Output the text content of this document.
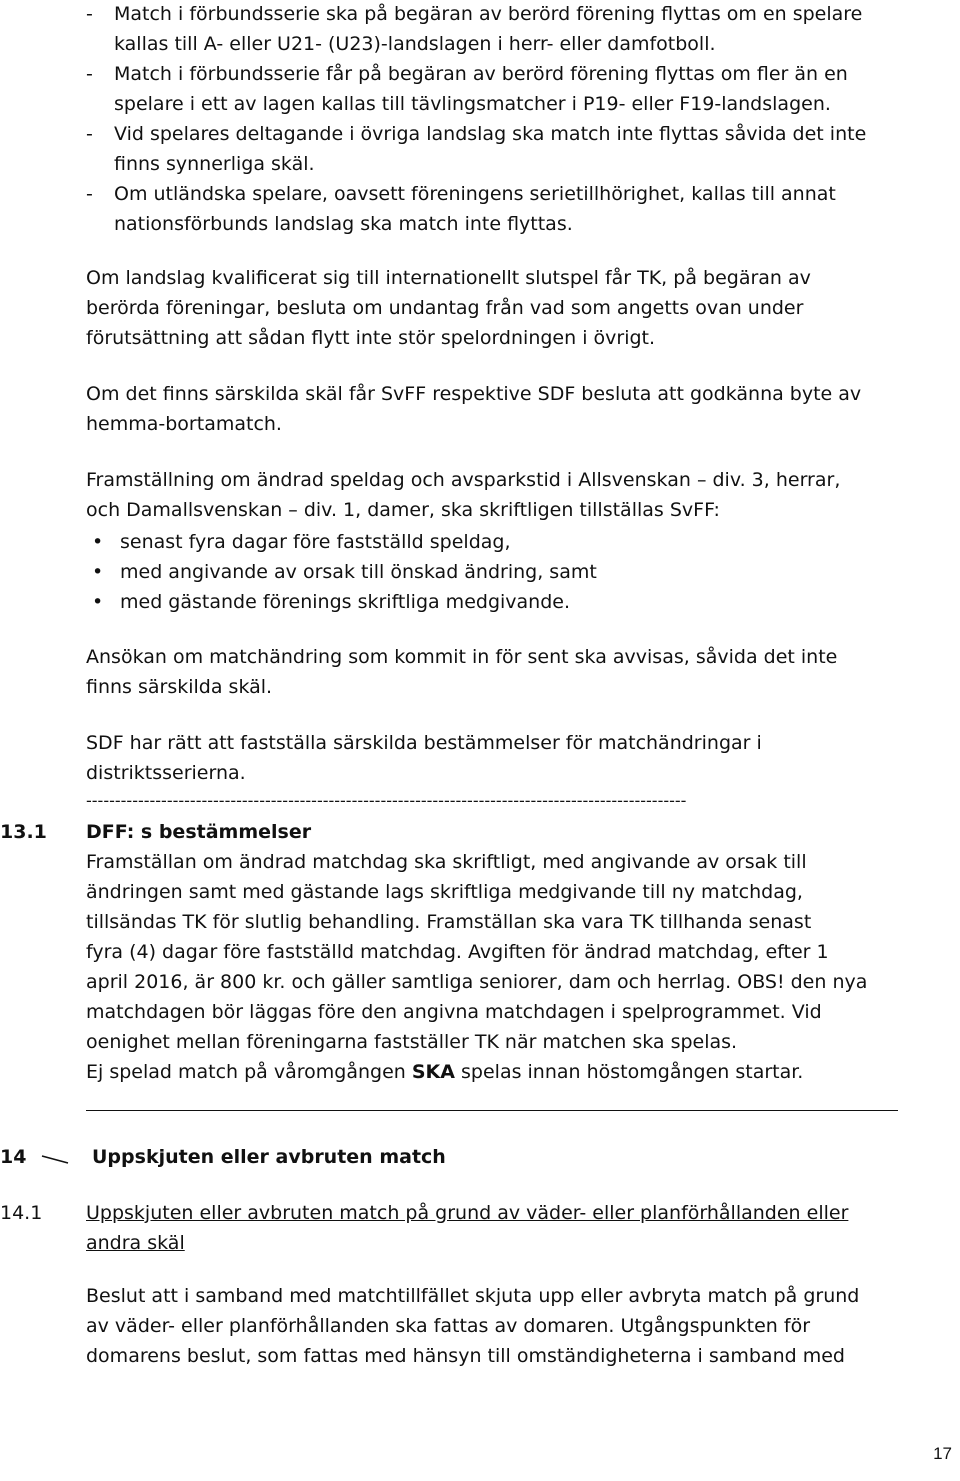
- Match i förbundsserie ska på begäran av berörd förening flyttas om en spelare
kallas till A- eller U21- (U23)-landslagen i herr- eller damfotboll.
- Match i förbundsserie får på begäran av berörd förening flyttas om fler än en
spelare i ett av lagen kallas till tävlingsmatcher i P19- eller F19-landslagen.
- Vid spelares deltagande i övriga landslag ska match inte flyttas såvida det inte
finns synnerliga skäl.
- Om utländska spelare, oavsett föreningens serietillhörighet, kallas till annat
nationsförbunds landslag ska match inte flyttas.
Om landslag kvalificerat sig till internationellt slutspel får TK, på begäran av
berörda föreningar, besluta om undantag från vad som angetts ovan under
förutsättning att sådan flytt inte stör spelordningen i övrigt.
Om det finns särskilda skäl får SvFF respektive SDF besluta att godkänna byte av
hemma-bortamatch.
Framställning om ändrad speldag och avsparkstid i Allsvenskan – div. 3, herrar,
och Damallsvenskan – div. 1, damer, ska skriftligen tillställas SvFF:
• senast fyra dagar före fastställd speldag,
• med angivande av orsak till önskad ändring, samt
• med gästande förenings skriftliga medgivande.
Ansökan om matchändring som kommit in för sent ska avvisas, såvida det inte
finns särskilda skäl.
SDF har rätt att fastställa särskilda bestämmelser för matchändringar i
distriktsserierna.
--------------------------------------------------------------------------------------------------------
13.1 DFF: s bestämmelser
Framställan om ändrad matchdag ska skriftligt, med angivande av orsak till
ändringen samt med gästande lags skriftliga medgivande till ny matchdag,
tillsändas TK för slutlig behandling. Framställan ska vara TK tillhanda senast
fyra (4) dagar före fastställd matchdag. Avgiften för ändrad matchdag, efter 1
april 2016, är 800 kr. och gäller samtliga seniorer, dam och herrlag. OBS! den nya
matchdagen bör läggas före den angivna matchdagen i spelprogrammet. Vid
oenighet mellan föreningarna fastställer TK när matchen ska spelas.
Ej spelad match på våromgången SKA spelas innan höstomgången startar.
14	Uppskjuten eller avbruten match
14.1 Uppskjuten eller avbruten match på grund av väder- eller planförhållanden eller
andra skäl
Beslut att i samband med matchtillfället skjuta upp eller avbryta match på grund
av väder- eller planförhållanden ska fattas av domaren. Utgångspunkten för
domarens beslut, som fattas med hänsyn till omständigheterna i samband med
17
